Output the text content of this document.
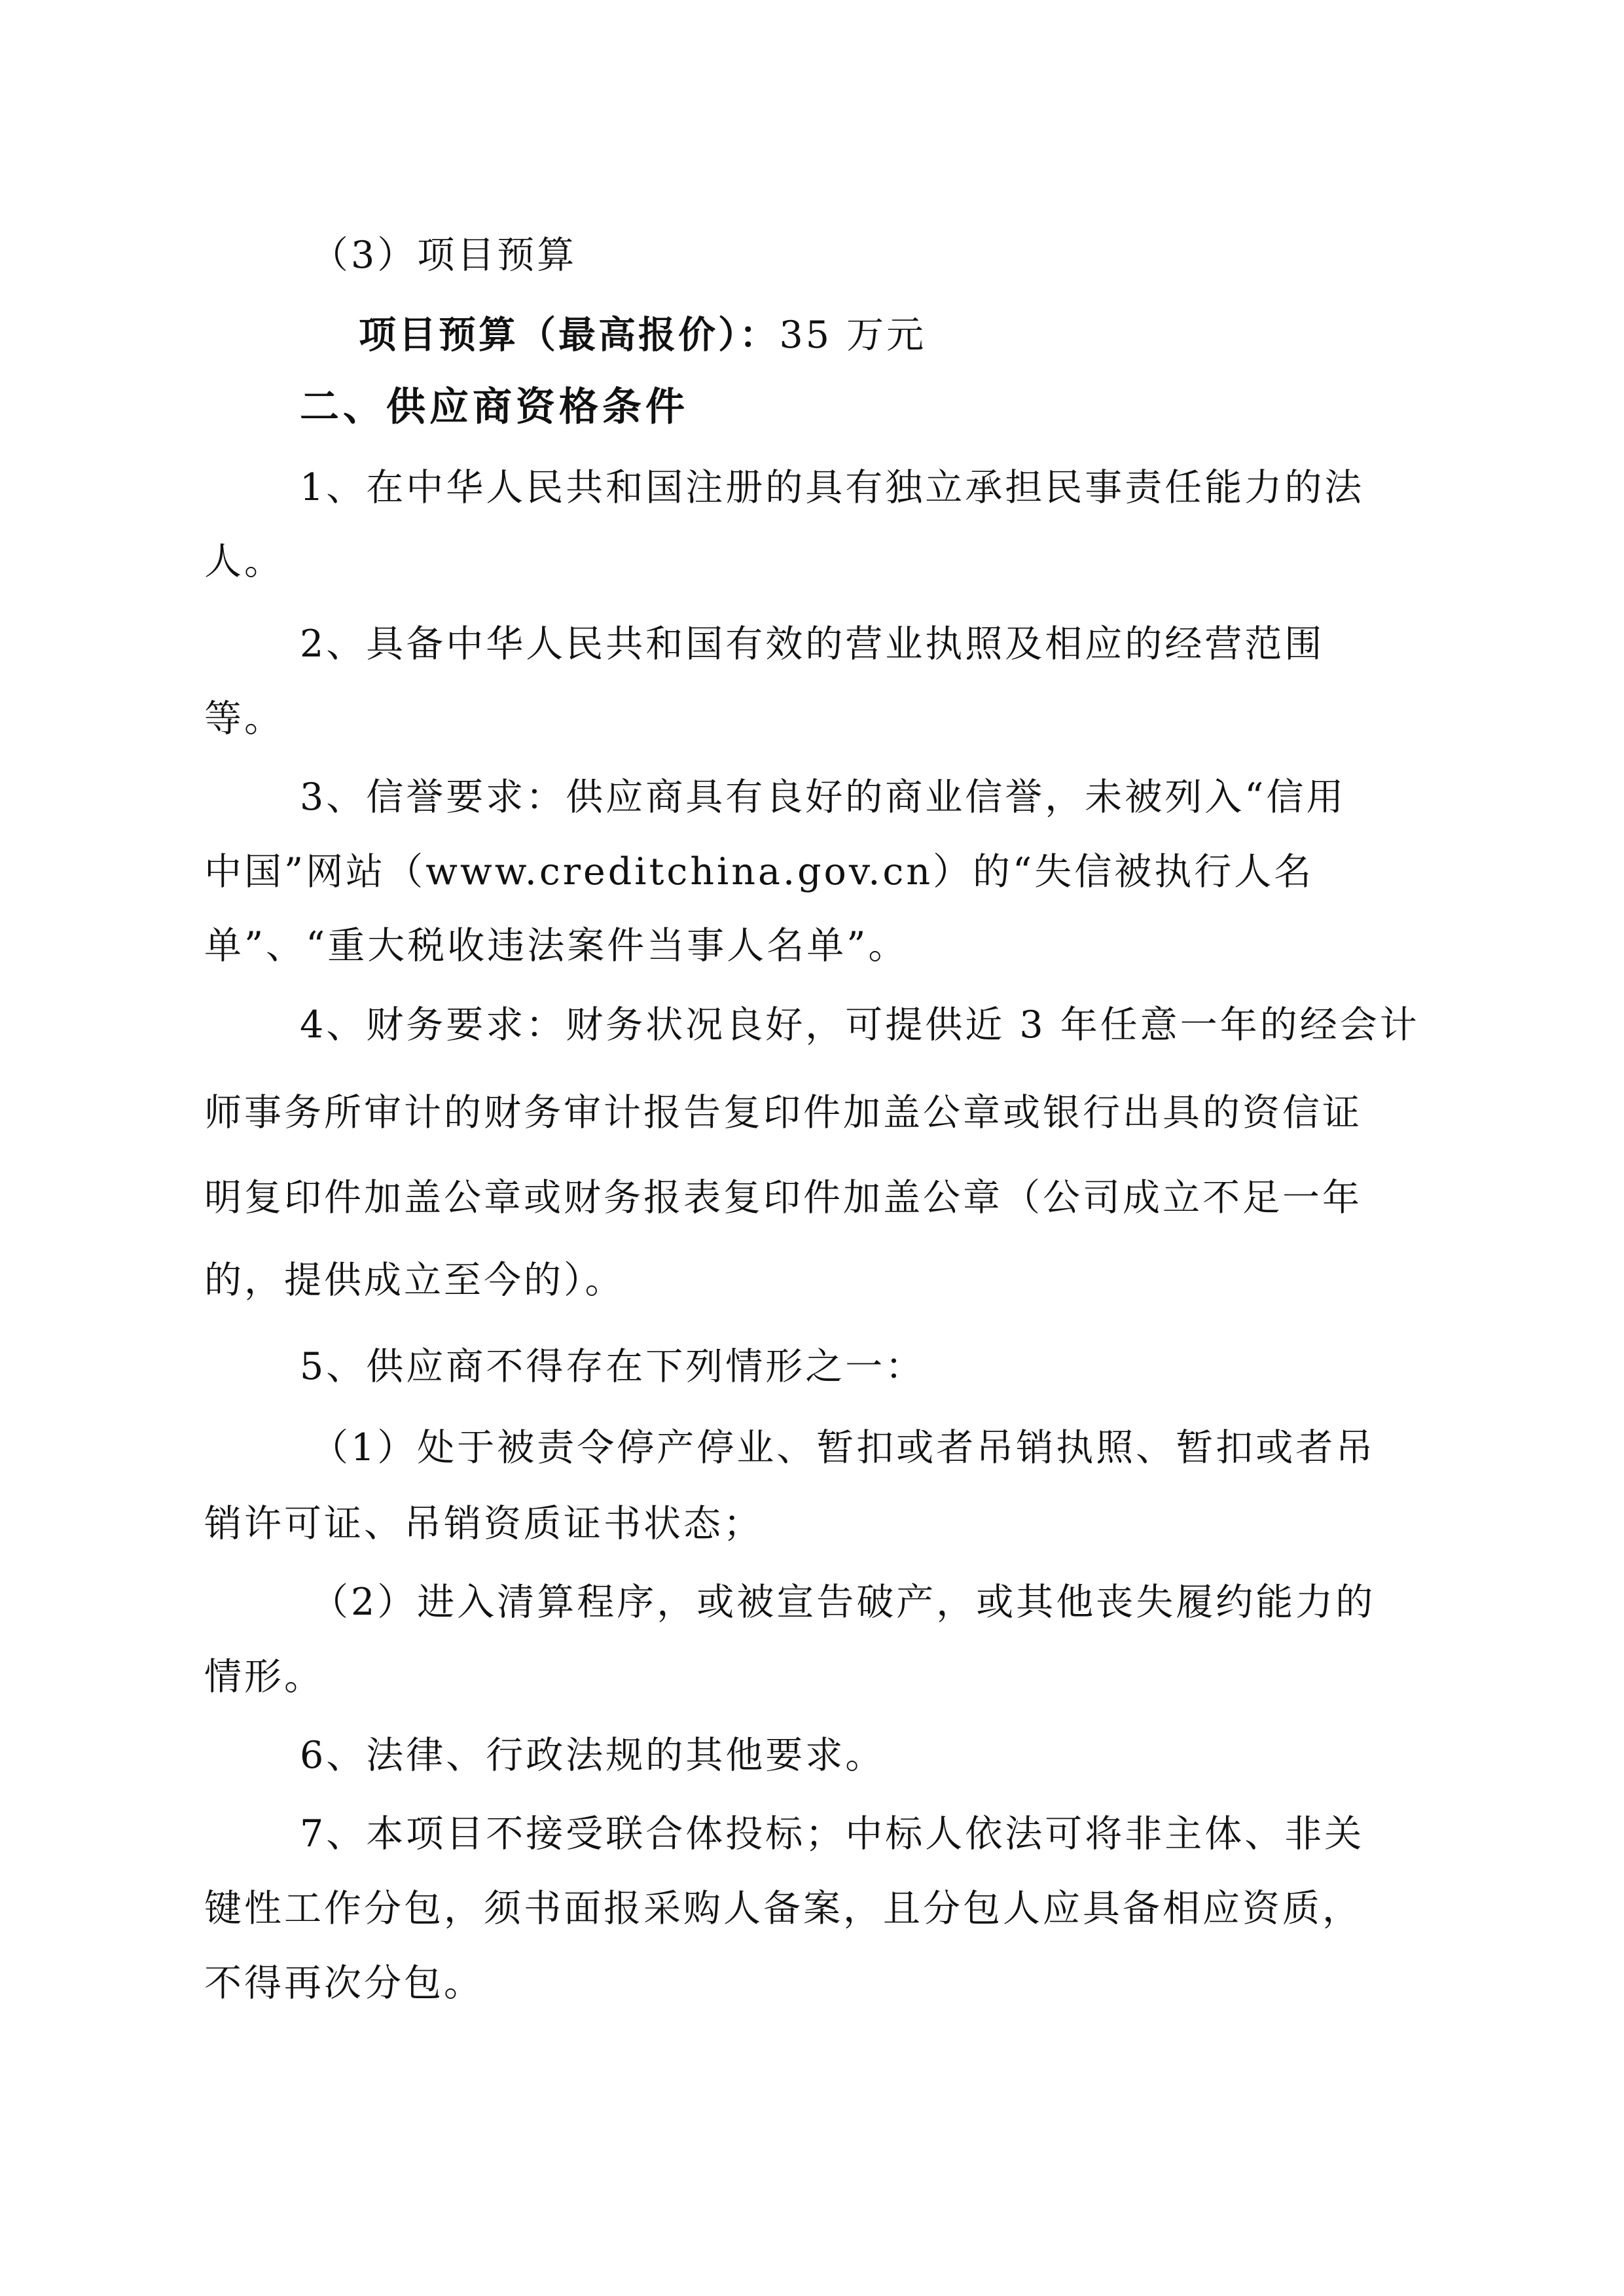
（3）项目预算
项目预算（最高报价）：35 万元
二、供应商资格条件
1、在中华人民共和国注册的具有独立承担民事责任能力的法
人。
2、具备中华人民共和国有效的营业执照及相应的经营范围
等。
3、信誉要求：供应商具有良好的商业信誉，未被列入“信用
中国”网站（www.creditchina.gov.cn）的“失信被执行人名
单”、“重大税收违法案件当事人名单”。
4、财务要求：财务状况良好，可提供近 3 年任意一年的经会计
师事务所审计的财务审计报告复印件加盖公章或银行出具的资信证
明复印件加盖公章或财务报表复印件加盖公章（公司成立不足一年
的，提供成立至今的）。
5、供应商不得存在下列情形之一：
（1）处于被责令停产停业、暂扣或者吊销执照、暂扣或者吊
销许可证、吊销资质证书状态；
（2）进入清算程序，或被宣告破产，或其他丧失履约能力的
情形。
6、法律、行政法规的其他要求。
7、本项目不接受联合体投标；中标人依法可将非主体、非关
键性工作分包，须书面报采购人备案，且分包人应具备相应资质，
不得再次分包。
